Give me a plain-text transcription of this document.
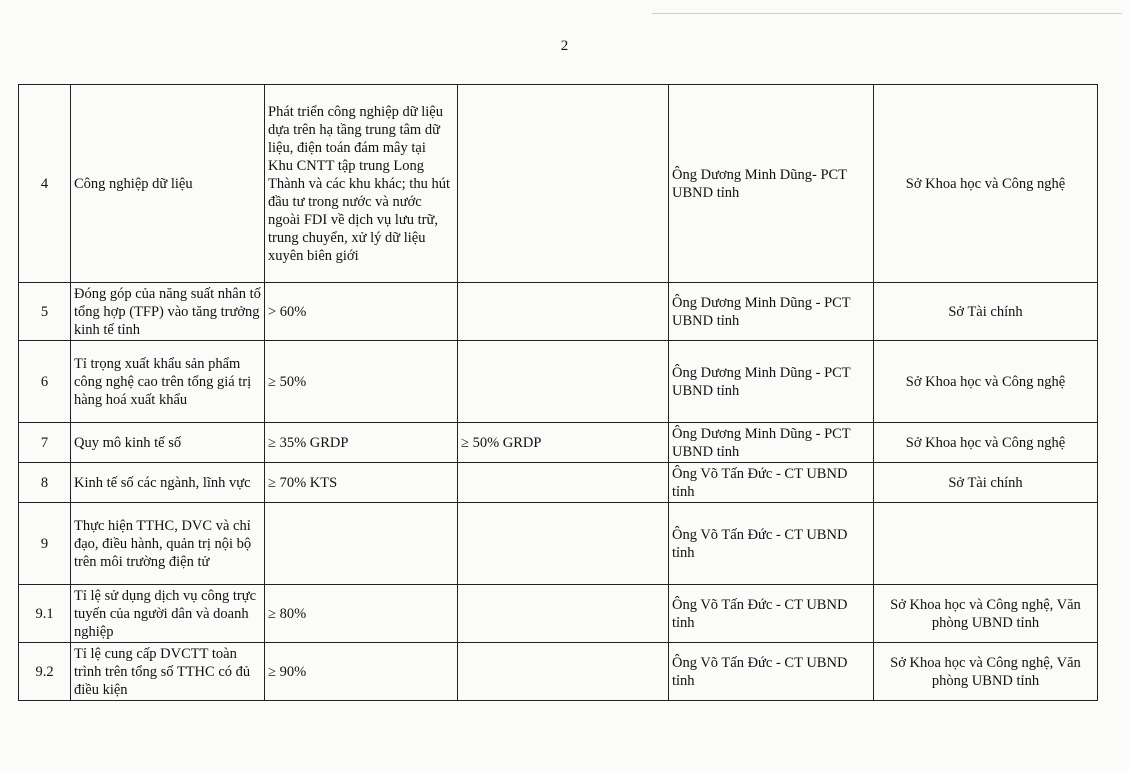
2
4	Công nghiệp dữ liệu	Phát triển công nghiệp dữ liệu dựa trên hạ tầng trung tâm dữ liệu, điện toán đám mây tại Khu CNTT tập trung Long Thành và các khu khác; thu hút đầu tư trong nước và nước ngoài FDI về dịch vụ lưu trữ, trung chuyển, xử lý dữ liệu xuyên biên giới		Ông Dương Minh Dũng- PCT UBND tỉnh	Sở Khoa học và Công nghệ
5	Đóng góp của năng suất nhân tố tổng hợp (TFP) vào tăng trưởng kinh tế tỉnh	> 60%		Ông Dương Minh Dũng - PCT UBND tỉnh	Sở Tài chính
6	Tỉ trọng xuất khẩu sản phẩm công nghệ cao trên tổng giá trị hàng hoá xuất khẩu	≥ 50%		Ông Dương Minh Dũng - PCT UBND tỉnh	Sở Khoa học và Công nghệ
7	Quy mô kinh tế số	≥ 35% GRDP	≥ 50% GRDP	Ông Dương Minh Dũng - PCT UBND tỉnh	Sở Khoa học và Công nghệ
8	Kinh tế số các ngành, lĩnh vực	≥ 70% KTS		Ông Võ Tấn Đức - CT UBND tỉnh	Sở Tài chính
9	Thực hiện TTHC, DVC và chỉ đạo, điều hành, quản trị nội bộ trên môi trường điện tử			Ông Võ Tấn Đức - CT UBND tỉnh	
9.1	Tỉ lệ sử dụng dịch vụ công trực tuyến của người dân và doanh nghiệp	≥ 80%		Ông Võ Tấn Đức - CT UBND tỉnh	Sở Khoa học và Công nghệ, Văn phòng UBND tỉnh
9.2	Tỉ lệ cung cấp DVCTT toàn trình trên tổng số TTHC có đủ điều kiện	≥ 90%		Ông Võ Tấn Đức - CT UBND tỉnh	Sở Khoa học và Công nghệ, Văn phòng UBND tỉnh
